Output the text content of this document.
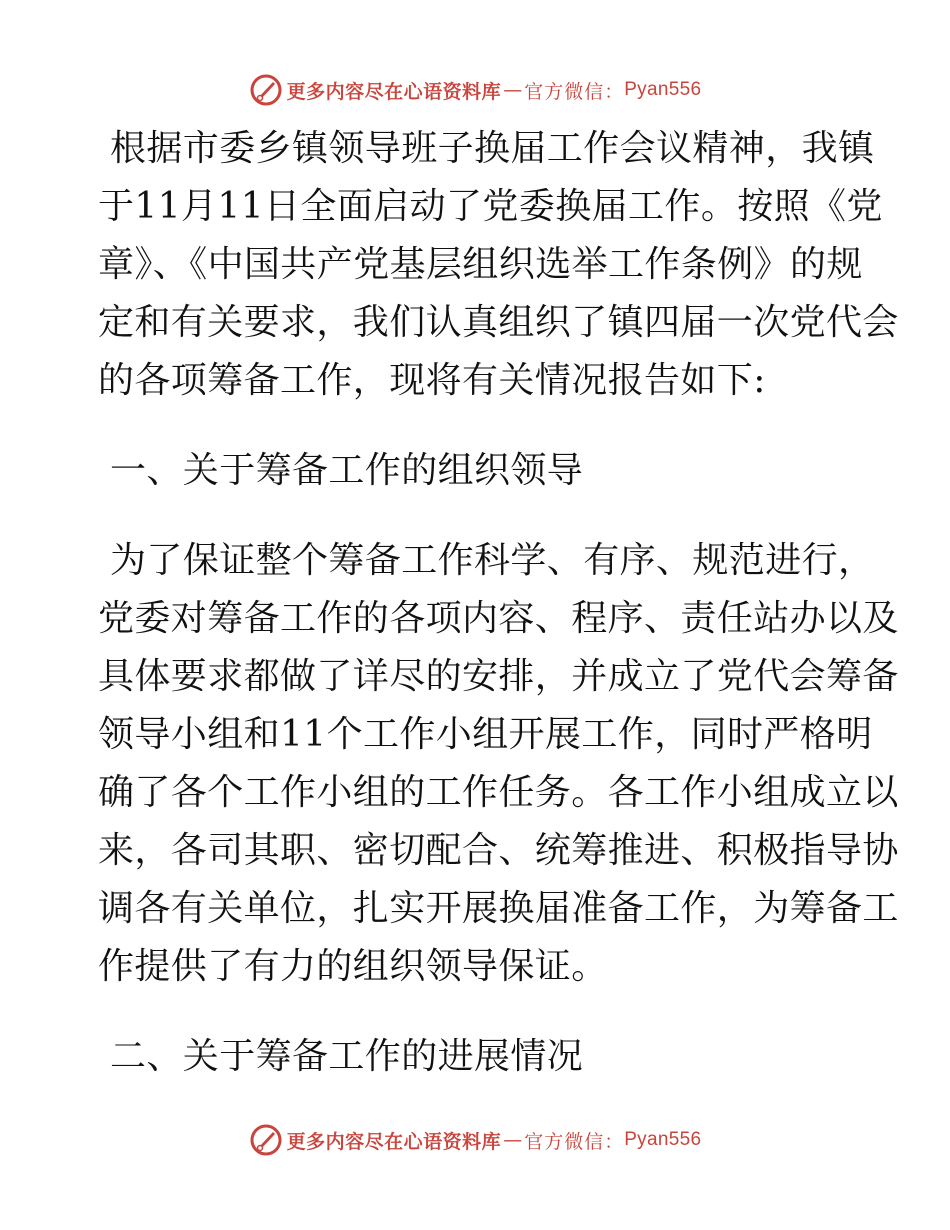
更多内容尽在心语资料库 — 官方微信： Pyan556
根据市委乡镇领导班子换届工作会议精神，我镇
于11月11日全面启动了党委换届工作。按照《党
章》、《中国共产党基层组织选举工作条例》的规
定和有关要求，我们认真组织了镇四届一次党代会
的各项筹备工作，现将有关情况报告如下:
一、关于筹备工作的组织领导
为了保证整个筹备工作科学、有序、规范进行，
党委对筹备工作的各项内容、程序、责任站办以及
具体要求都做了详尽的安排，并成立了党代会筹备
领导小组和11个工作小组开展工作，同时严格明
确了各个工作小组的工作任务。各工作小组成立以
来，各司其职、密切配合、统筹推进、积极指导协
调各有关单位，扎实开展换届准备工作，为筹备工
作提供了有力的组织领导保证。
二、关于筹备工作的进展情况
更多内容尽在心语资料库 — 官方微信： Pyan556
